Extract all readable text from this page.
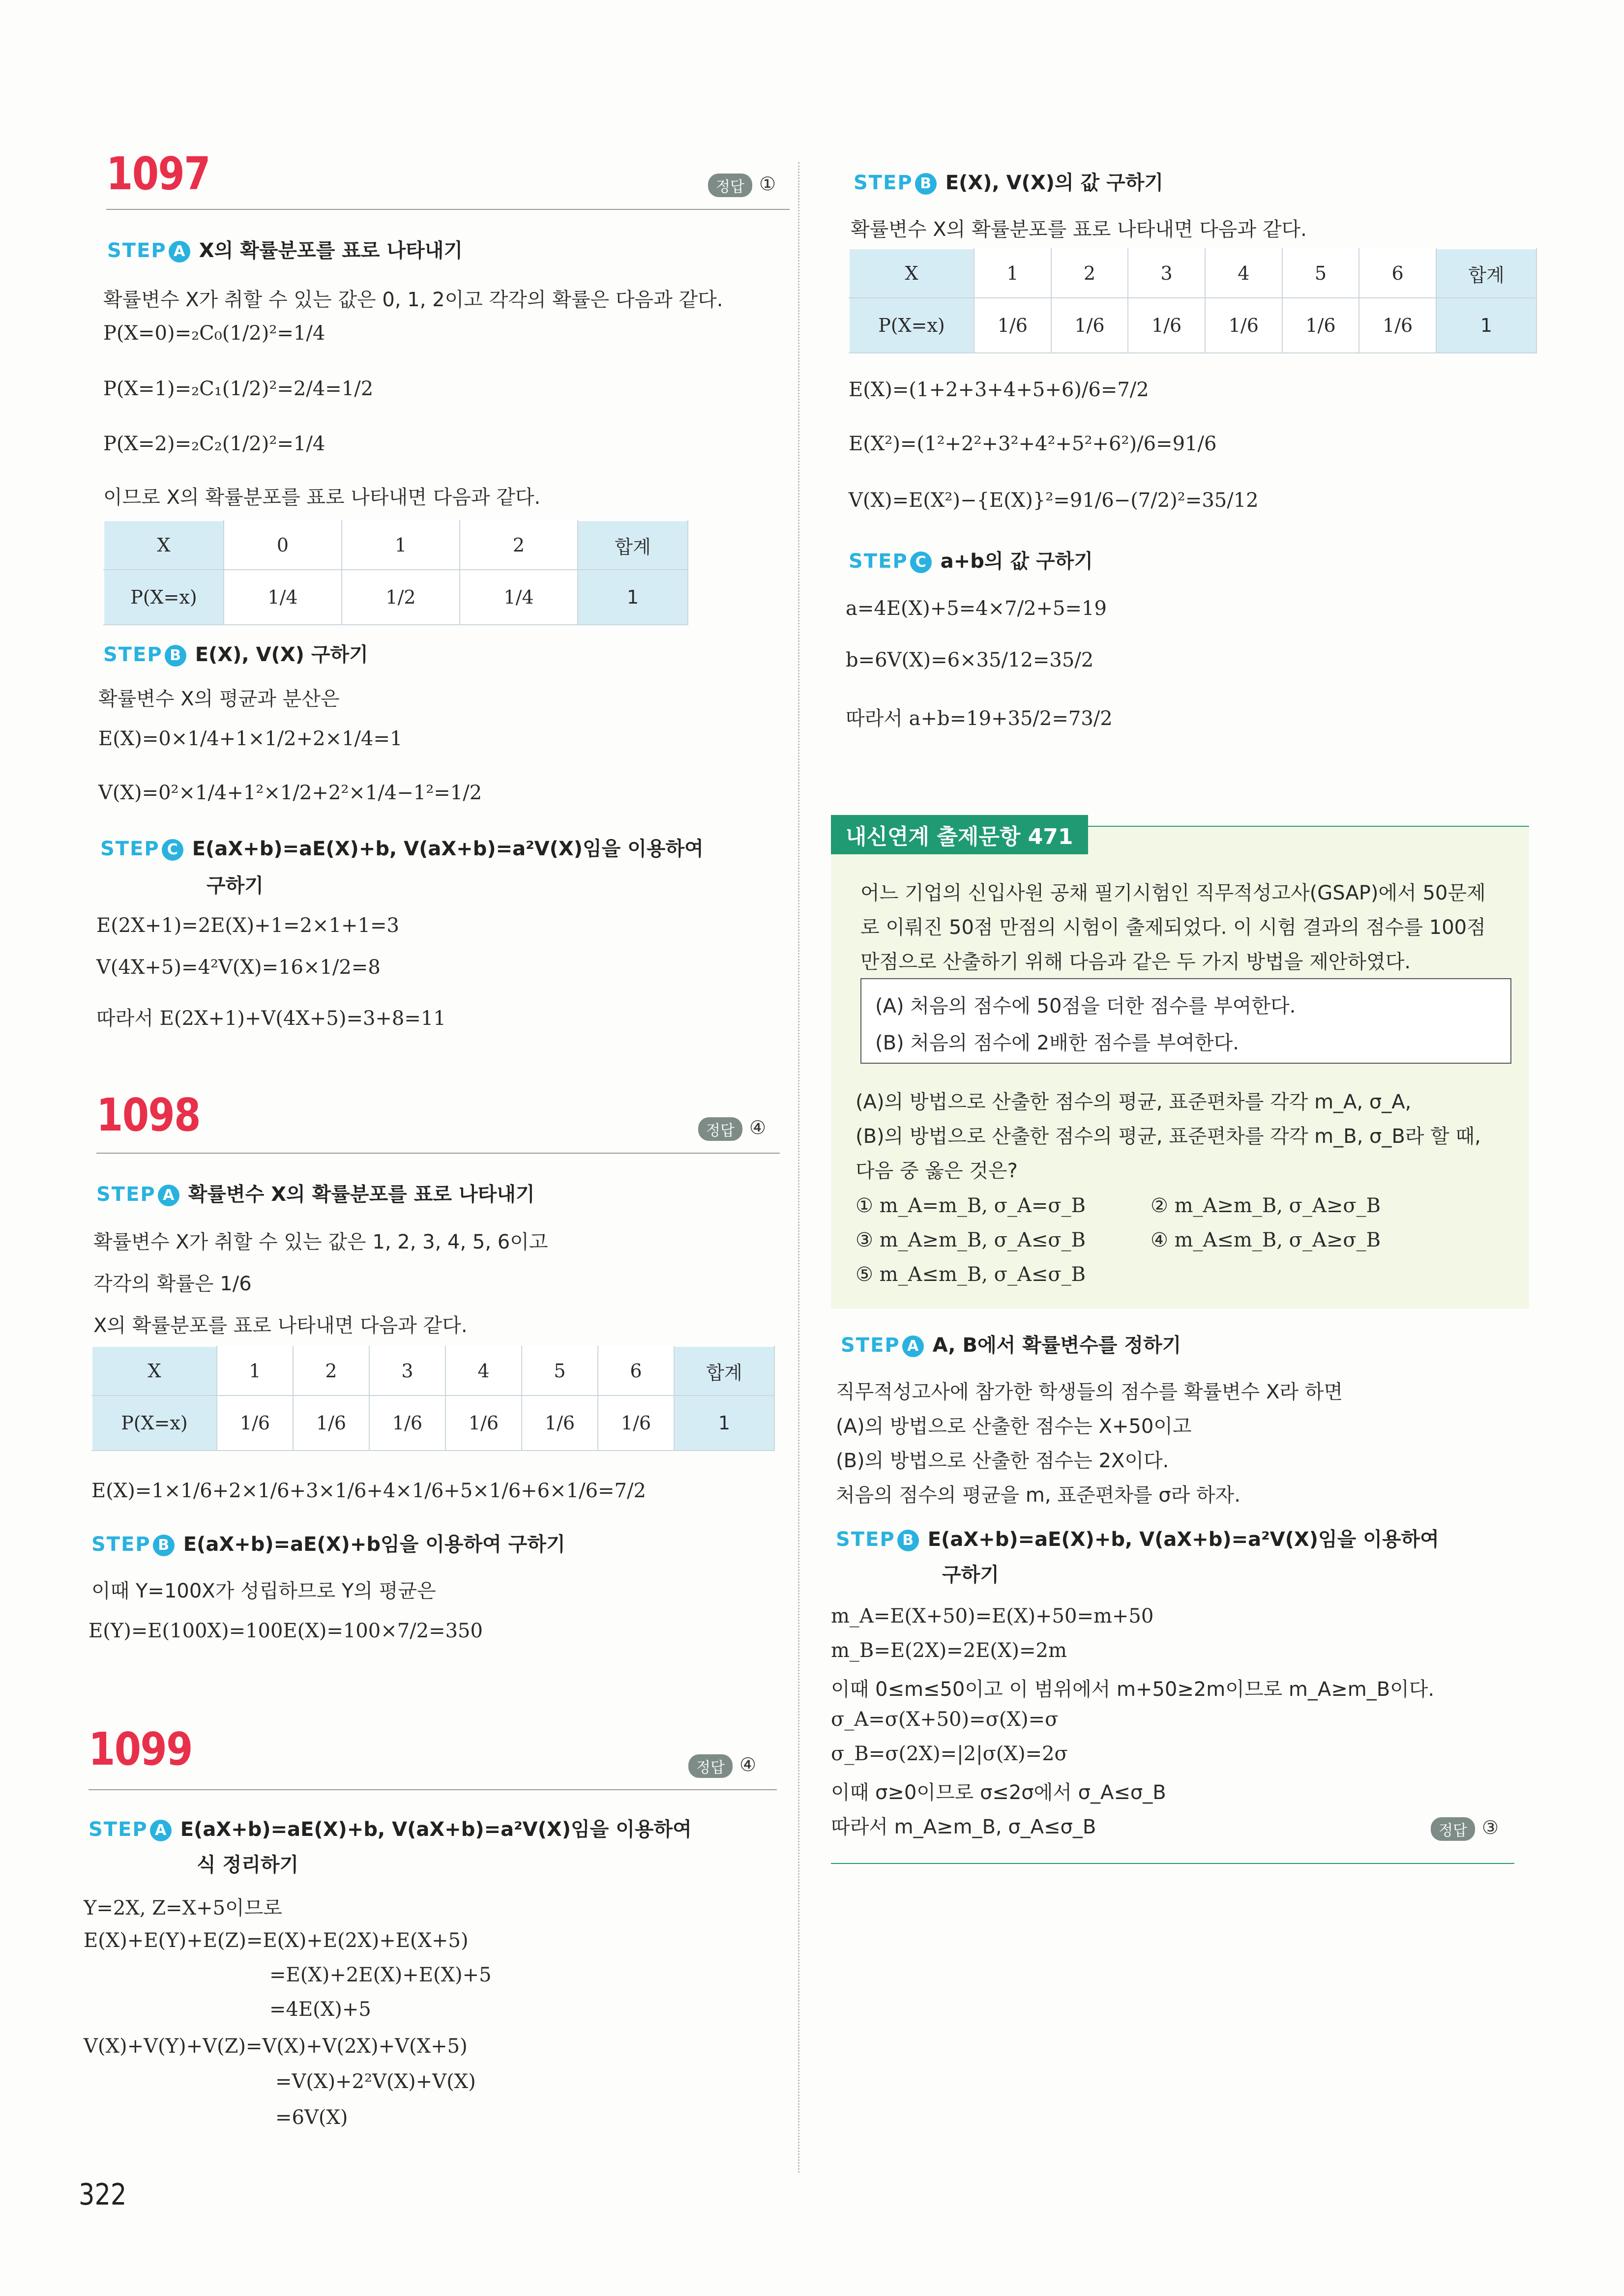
1097	정답 ①
STEP A X의 확률분포를 표로 나타내기
확률변수 X가 취할 수 있는 값은 0, 1, 2이고 각각의 확률은 다음과 같다.
P(X=0)=₂C₀(1/2)²=1/4
P(X=1)=₂C₁(1/2)²=2/4=1/2
P(X=2)=₂C₂(1/2)²=1/4
이므로 X의 확률분포를 표로 나타내면 다음과 같다.
X	0	1	2	합계
P(X=x)	1/4	1/2	1/4	1
STEP B E(X), V(X) 구하기
확률변수 X의 평균과 분산은
E(X)=0×1/4+1×1/2+2×1/4=1
V(X)=0²×1/4+1²×1/2+2²×1/4−1²=1/2
STEP C E(aX+b)=aE(X)+b, V(aX+b)=a²V(X)임을 이용하여
구하기
E(2X+1)=2E(X)+1=2×1+1=3
V(4X+5)=4²V(X)=16×1/2=8
따라서 E(2X+1)+V(4X+5)=3+8=11
1098	정답 ④
STEP A 확률변수 X의 확률분포를 표로 나타내기
확률변수 X가 취할 수 있는 값은 1, 2, 3, 4, 5, 6이고
각각의 확률은 1/6
X의 확률분포를 표로 나타내면 다음과 같다.
X	1	2	3	4	5	6	합계
P(X=x)	1/6	1/6	1/6	1/6	1/6	1/6	1
E(X)=1×1/6+2×1/6+3×1/6+4×1/6+5×1/6+6×1/6=7/2
STEP B E(aX+b)=aE(X)+b임을 이용하여 구하기
이때 Y=100X가 성립하므로 Y의 평균은
E(Y)=E(100X)=100E(X)=100×7/2=350
1099	정답 ④
STEP A E(aX+b)=aE(X)+b, V(aX+b)=a²V(X)임을 이용하여
식 정리하기
Y=2X, Z=X+5이므로
E(X)+E(Y)+E(Z)=E(X)+E(2X)+E(X+5)
=E(X)+2E(X)+E(X)+5
=4E(X)+5
V(X)+V(Y)+V(Z)=V(X)+V(2X)+V(X+5)
=V(X)+2²V(X)+V(X)
=6V(X)
322
STEP B E(X), V(X)의 값 구하기
확률변수 X의 확률분포를 표로 나타내면 다음과 같다.
X	1	2	3	4	5	6	합계
P(X=x)	1/6	1/6	1/6	1/6	1/6	1/6	1
E(X)=(1+2+3+4+5+6)/6=7/2
E(X²)=(1²+2²+3²+4²+5²+6²)/6=91/6
V(X)=E(X²)−{E(X)}²=91/6−(7/2)²=35/12
STEP C a+b의 값 구하기
a=4E(X)+5=4×7/2+5=19
b=6V(X)=6×35/12=35/2
따라서 a+b=19+35/2=73/2
내신연계 출제문항 471
어느 기업의 신입사원 공채 필기시험인 직무적성고사(GSAP)에서 50문제
로 이뤄진 50점 만점의 시험이 출제되었다. 이 시험 결과의 점수를 100점
만점으로 산출하기 위해 다음과 같은 두 가지 방법을 제안하였다.
(A) 처음의 점수에 50점을 더한 점수를 부여한다.
(B) 처음의 점수에 2배한 점수를 부여한다.
(A)의 방법으로 산출한 점수의 평균, 표준편차를 각각 m_A, σ_A,
(B)의 방법으로 산출한 점수의 평균, 표준편차를 각각 m_B, σ_B라 할 때,
다음 중 옳은 것은?
① m_A=m_B, σ_A=σ_B	② m_A≥m_B, σ_A≥σ_B
③ m_A≥m_B, σ_A≤σ_B	④ m_A≤m_B, σ_A≥σ_B
⑤ m_A≤m_B, σ_A≤σ_B
STEP A A, B에서 확률변수를 정하기
직무적성고사에 참가한 학생들의 점수를 확률변수 X라 하면
(A)의 방법으로 산출한 점수는 X+50이고
(B)의 방법으로 산출한 점수는 2X이다.
처음의 점수의 평균을 m, 표준편차를 σ라 하자.
STEP B E(aX+b)=aE(X)+b, V(aX+b)=a²V(X)임을 이용하여
구하기
m_A=E(X+50)=E(X)+50=m+50
m_B=E(2X)=2E(X)=2m
이때 0≤m≤50이고 이 범위에서 m+50≥2m이므로 m_A≥m_B이다.
σ_A=σ(X+50)=σ(X)=σ
σ_B=σ(2X)=|2|σ(X)=2σ
이때 σ≥0이므로 σ≤2σ에서 σ_A≤σ_B
따라서 m_A≥m_B, σ_A≤σ_B	정답 ③
